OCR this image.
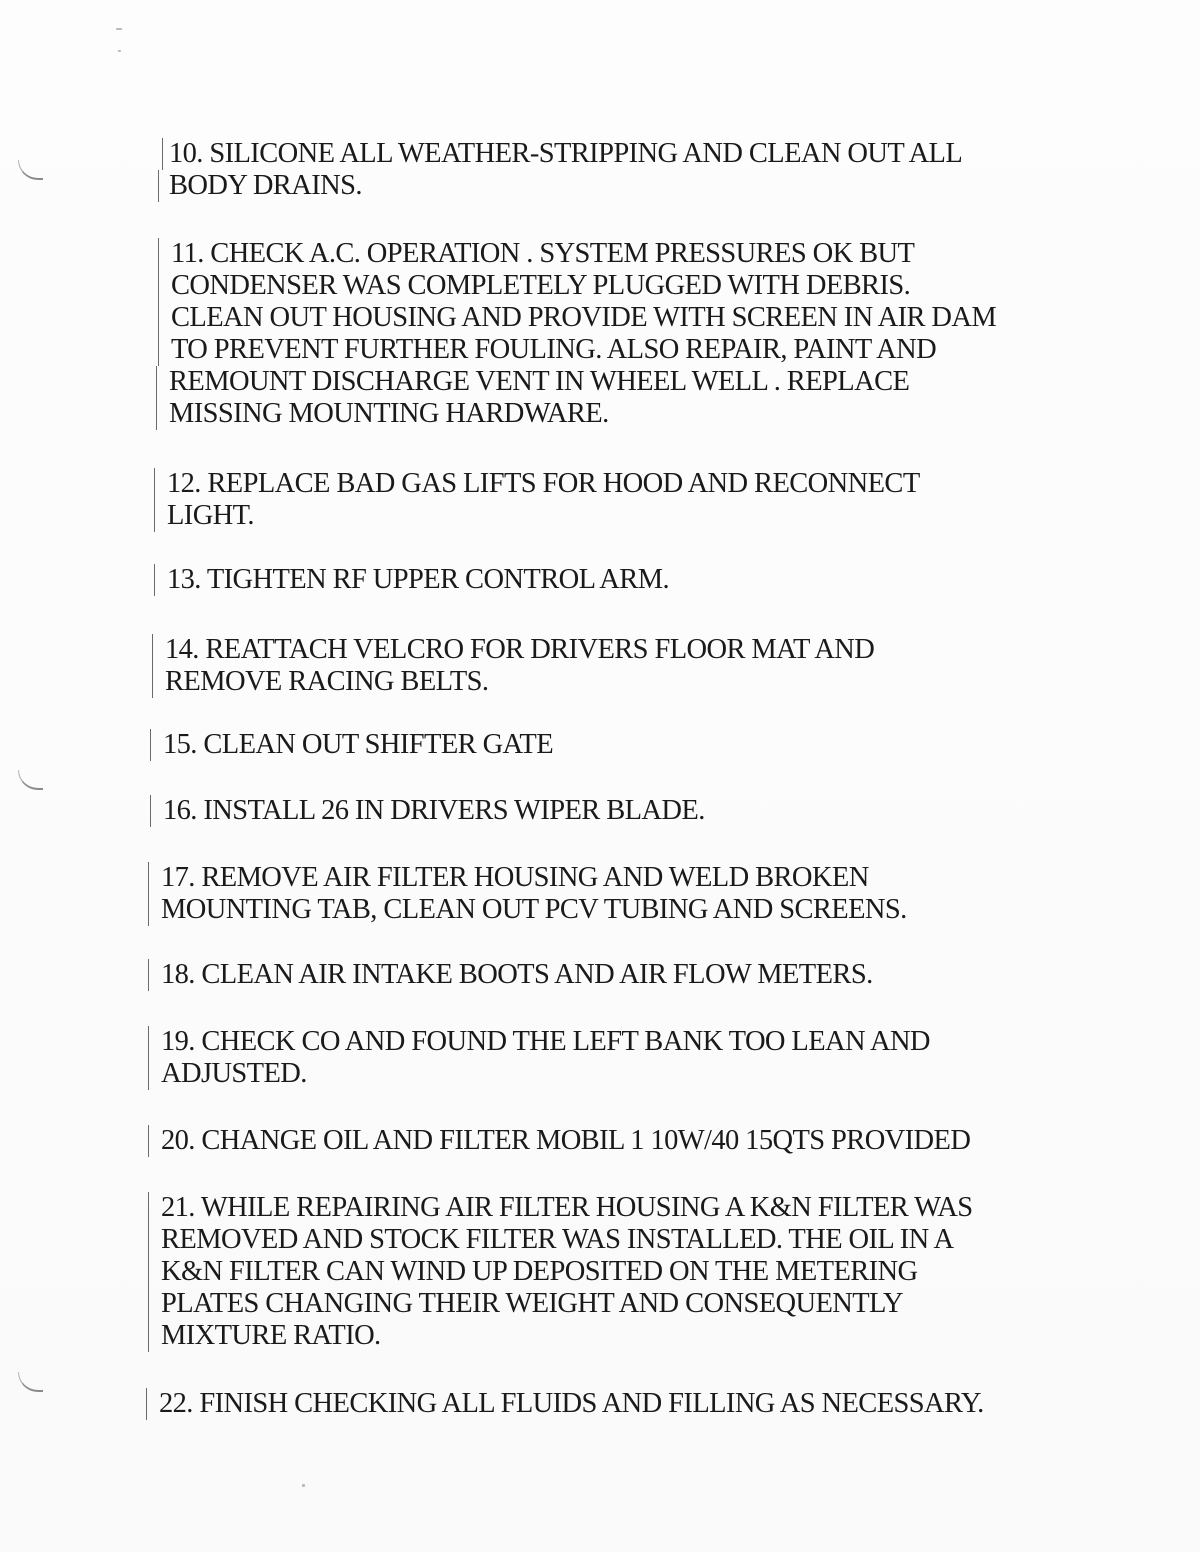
10. SILICONE ALL WEATHER-STRIPPING AND CLEAN OUT ALL
BODY DRAINS.
11. CHECK A.C. OPERATION . SYSTEM PRESSURES OK BUT
CONDENSER WAS COMPLETELY PLUGGED WITH DEBRIS.
CLEAN OUT HOUSING AND PROVIDE WITH SCREEN IN AIR DAM
TO PREVENT FURTHER FOULING. ALSO REPAIR, PAINT AND
REMOUNT DISCHARGE VENT IN WHEEL WELL . REPLACE
MISSING MOUNTING HARDWARE.
12. REPLACE BAD GAS LIFTS FOR HOOD AND RECONNECT
LIGHT.
13. TIGHTEN RF UPPER CONTROL ARM.
14. REATTACH VELCRO FOR DRIVERS FLOOR MAT AND
REMOVE RACING BELTS.
15. CLEAN OUT SHIFTER GATE
16. INSTALL 26 IN DRIVERS WIPER BLADE.
17. REMOVE AIR FILTER HOUSING AND WELD BROKEN
MOUNTING TAB, CLEAN OUT PCV TUBING AND SCREENS.
18. CLEAN AIR INTAKE BOOTS AND AIR FLOW METERS.
19. CHECK CO AND FOUND THE LEFT BANK TOO LEAN AND
ADJUSTED.
20. CHANGE OIL AND FILTER MOBIL 1 10W/40 15QTS PROVIDED
21. WHILE REPAIRING AIR FILTER HOUSING A K&N FILTER WAS
REMOVED AND STOCK FILTER WAS INSTALLED. THE OIL IN A
K&N FILTER CAN WIND UP DEPOSITED ON THE METERING
PLATES CHANGING THEIR WEIGHT AND CONSEQUENTLY
MIXTURE RATIO.
22. FINISH CHECKING ALL FLUIDS AND FILLING AS NECESSARY.
